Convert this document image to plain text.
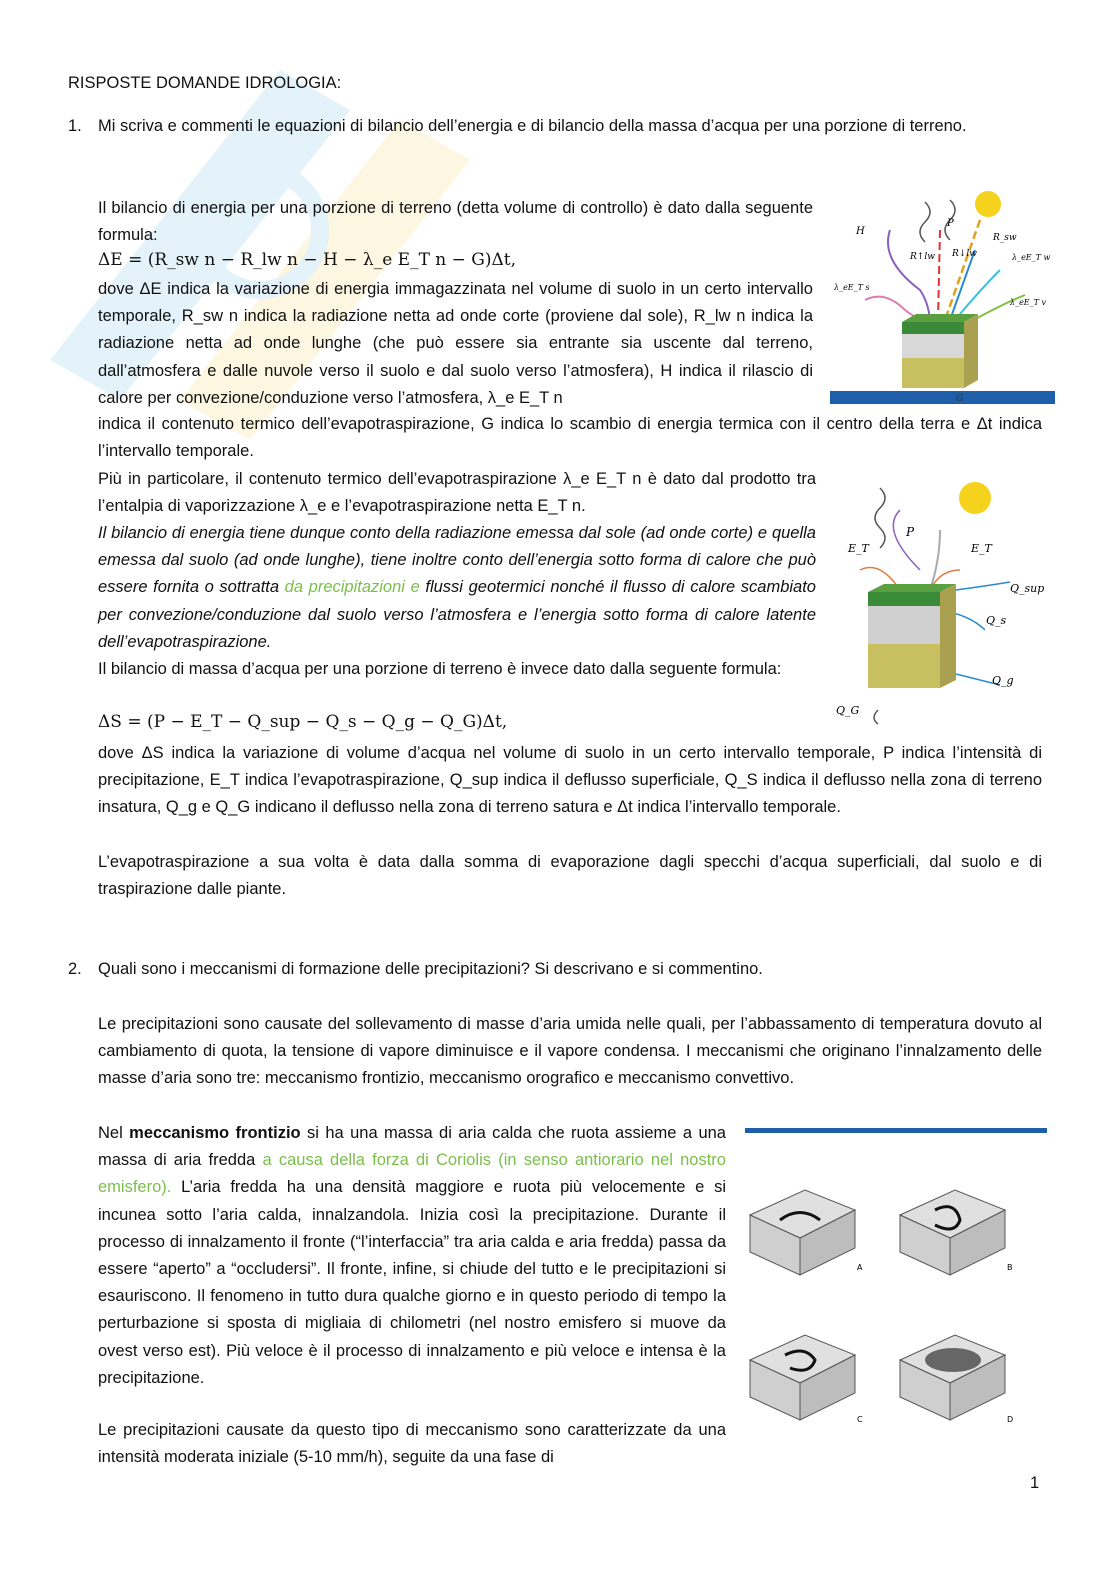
RISPOSTE DOMANDE IDROLOGIA:
1. Mi scriva e commenti le equazioni di bilancio dell’energia e di bilancio della massa d’acqua per una porzione di terreno.
Il bilancio di energia per una porzione di terreno (detta volume di controllo) è dato dalla seguente formula:
ΔE = (R_sw n − R_lw n − H − λ_e E_T n − G)Δt,
dove ΔE indica la variazione di energia immagazzinata nel volume di suolo in un certo intervallo temporale, R_sw n indica la radiazione netta ad onde corte (proviene dal sole), R_lw n indica la radiazione netta ad onde lunghe (che può essere sia entrante sia uscente dal terreno, dall’atmosfera e dalle nuvole verso il suolo e dal suolo verso l’atmosfera), H indica il rilascio di calore per convezione/conduzione verso l’atmosfera, λ_e E_T n
indica il contenuto termico dell’evapotraspirazione, G indica lo scambio di energia termica con il centro della terra e Δt indica l’intervallo temporale.
Più in particolare, il contenuto termico dell’evapotraspirazione λ_e E_T n è dato dal prodotto tra l’entalpia di vaporizzazione λ_e e l’evapotraspirazione netta E_T n.
Il bilancio di energia tiene dunque conto della radiazione emessa dal sole (ad onde corte) e quella emessa dal suolo (ad onde lunghe), tiene inoltre conto dell’energia sotto forma di calore che può essere fornita o sottratta da precipitazioni e flussi geotermici nonché il flusso di calore scambiato per convezione/conduzione dal suolo verso l’atmosfera e l’energia sotto forma di calore latente dell’evapotraspirazione.
Il bilancio di massa d’acqua per una porzione di terreno è invece dato dalla seguente formula:
ΔS = (P − E_T − Q_sup − Q_s − Q_g − Q_G)Δt,
dove ΔS indica la variazione di volume d’acqua nel volume di suolo in un certo intervallo temporale, P indica l’intensità di precipitazione, E_T indica l’evapotraspirazione, Q_sup indica il deflusso superficiale, Q_S indica il deflusso nella zona di terreno insatura, Q_g e Q_G indicano il deflusso nella zona di terreno satura e Δt indica l’intervallo temporale.
L’evapotraspirazione a sua volta è data dalla somma di evaporazione dagli specchi d’acqua superficiali, dal suolo e di traspirazione dalle piante.
H
P
R_sw
R↑lw R↓lw	λ_eE_T w
λ_eE_T s
λ_eE_T v
G
P
E_T	E_T
Q_sup
Q_s
Q_g
Q_G
2. Quali sono i meccanismi di formazione delle precipitazioni? Si descrivano e si commentino.
Le precipitazioni sono causate del sollevamento di masse d’aria umida nelle quali, per l’abbassamento di temperatura dovuto al cambiamento di quota, la tensione di vapore diminuisce e il vapore condensa. I meccanismi che originano l’innalzamento delle masse d’aria sono tre: meccanismo frontizio, meccanismo orografico e meccanismo convettivo.
Nel meccanismo frontizio si ha una massa di aria calda che ruota assieme a una massa di aria fredda a causa della forza di Coriolis (in senso antiorario nel nostro emisfero). L’aria fredda ha una densità maggiore e ruota più velocemente e si incunea sotto l’aria calda, innalzandola. Inizia così la precipitazione. Durante il processo di innalzamento il fronte (“l’interfaccia” tra aria calda e aria fredda) passa da essere “aperto” a “occludersi”. Il fronte, infine, si chiude del tutto e le precipitazioni si esauriscono. Il fenomeno in tutto dura qualche giorno e in questo periodo di tempo la perturbazione si sposta di migliaia di chilometri (nel nostro emisfero si muove da ovest verso est). Più veloce è il processo di innalzamento e più veloce e intensa è la precipitazione.
Le precipitazioni causate da questo tipo di meccanismo sono caratterizzate da una intensità moderata iniziale (5-10 mm/h), seguite da una fase di
A	B
C	D
1
